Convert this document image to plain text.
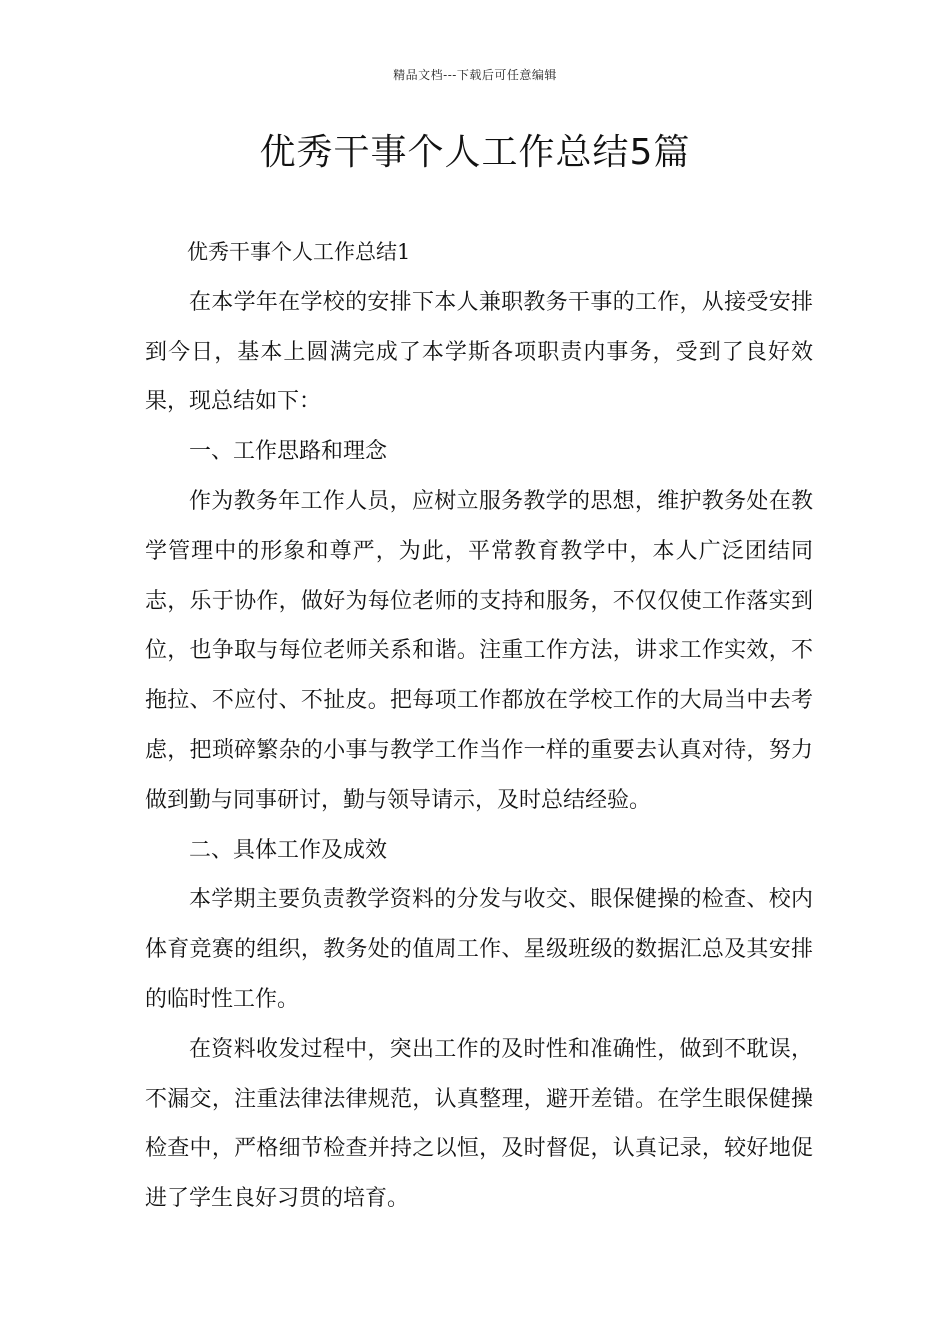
精品文档---下载后可任意编辑
优秀干事个人工作总结5篇

优秀干事个人工作总结1

在本学年在学校的安排下本人兼职教务干事的工作，从接受安排到今日，基本上圆满完成了本学斯各项职责内事务，受到了良好效果，现总结如下：

一、工作思路和理念

作为教务年工作人员，应树立服务教学的思想，维护教务处在教学管理中的形象和尊严，为此，平常教育教学中，本人广泛团结同志，乐于协作，做好为每位老师的支持和服务，不仅仅使工作落实到位，也争取与每位老师关系和谐。注重工作方法，讲求工作实效，不拖拉、不应付、不扯皮。把每项工作都放在学校工作的大局当中去考虑，把琐碎繁杂的小事与教学工作当作一样的重要去认真对待，努力做到勤与同事研讨，勤与领导请示，及时总结经验。

二、具体工作及成效

本学期主要负责教学资料的分发与收交、眼保健操的检查、校内体育竞赛的组织，教务处的值周工作、星级班级的数据汇总及其安排的临时性工作。

在资料收发过程中，突出工作的及时性和准确性，做到不耽误，不漏交，注重法律法律规范，认真整理，避开差错。在学生眼保健操检查中，严格细节检查并持之以恒，及时督促，认真记录，较好地促进了学生良好习贯的培育。
